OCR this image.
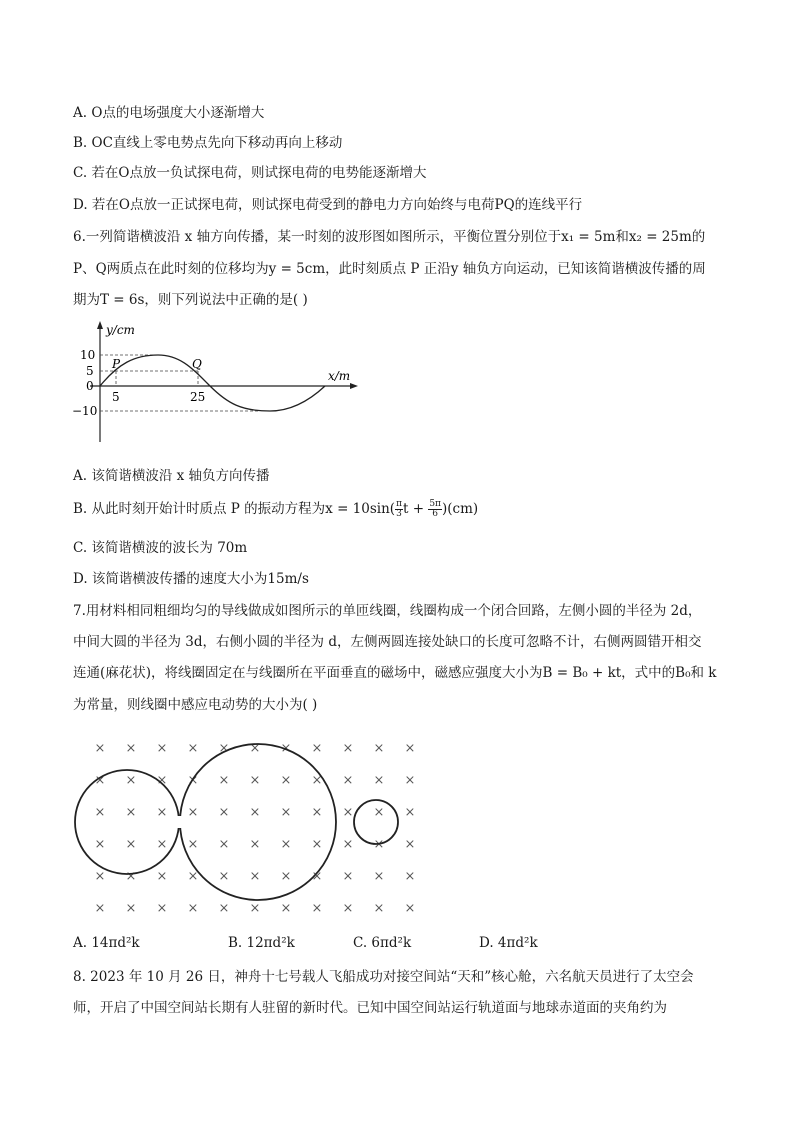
A. O点的电场强度大小逐渐增大
B. OC直线上零电势点先向下移动再向上移动
C. 若在O点放一负试探电荷，则试探电荷的电势能逐渐增大
D. 若在O点放一正试探电荷，则试探电荷受到的静电力方向始终与电荷PQ的连线平行
6.一列简谐横波沿 x 轴方向传播，某一时刻的波形图如图所示，平衡位置分别位于x₁ = 5m和x₂ = 25m的
P、Q两质点在此时刻的位移均为y = 5cm，此时刻质点 P 正沿y 轴负方向运动，已知该简谐横波传播的周
期为T = 6s，则下列说法中正确的是( )
10
5
0
−10
5	25
y/cm
x/m
P	Q
A. 该简谐横波沿 x 轴负方向传播
B. 从此时刻开始计时质点 P 的振动方程为$x = 10\sin( \frac{\pi}{3}$ $t + \frac{5\pi}{6} )(cm)$
C. 该简谐横波的波长为 70m
D. 该简谐横波传播的速度大小为15m/s
7.用材料相同粗细均匀的导线做成如图所示的单匝线圈，线圈构成一个闭合回路，左侧小圆的半径为 2d，
中间大圆的半径为 3d，右侧小圆的半径为 d，左侧两圆连接处缺口的长度可忽略不计，右侧两圆错开相交
连通(麻花状)，将线圈固定在与线圈所在平面垂直的磁场中，磁感应强度大小为B = B₀ + kt，式中的B₀和 k
为常量，则线圈中感应电动势的大小为( )
× × × × × × × × × × ×
× × × × × × × × × × ×
× × × × × × × × × × ×
× × × × × × × × × × ×
× × × × × × × × × × ×
× × × × × × × × × × ×
A. 14πd²k	B. 12πd²k	C. 6πd²k	D. 4πd²k
8. 2023 年 10 月 26 日，神舟十七号载人飞船成功对接空间站“天和”核心舱，六名航天员进行了太空会
师，开启了中国空间站长期有人驻留的新时代。已知中国空间站运行轨道面与地球赤道面的夹角约为
